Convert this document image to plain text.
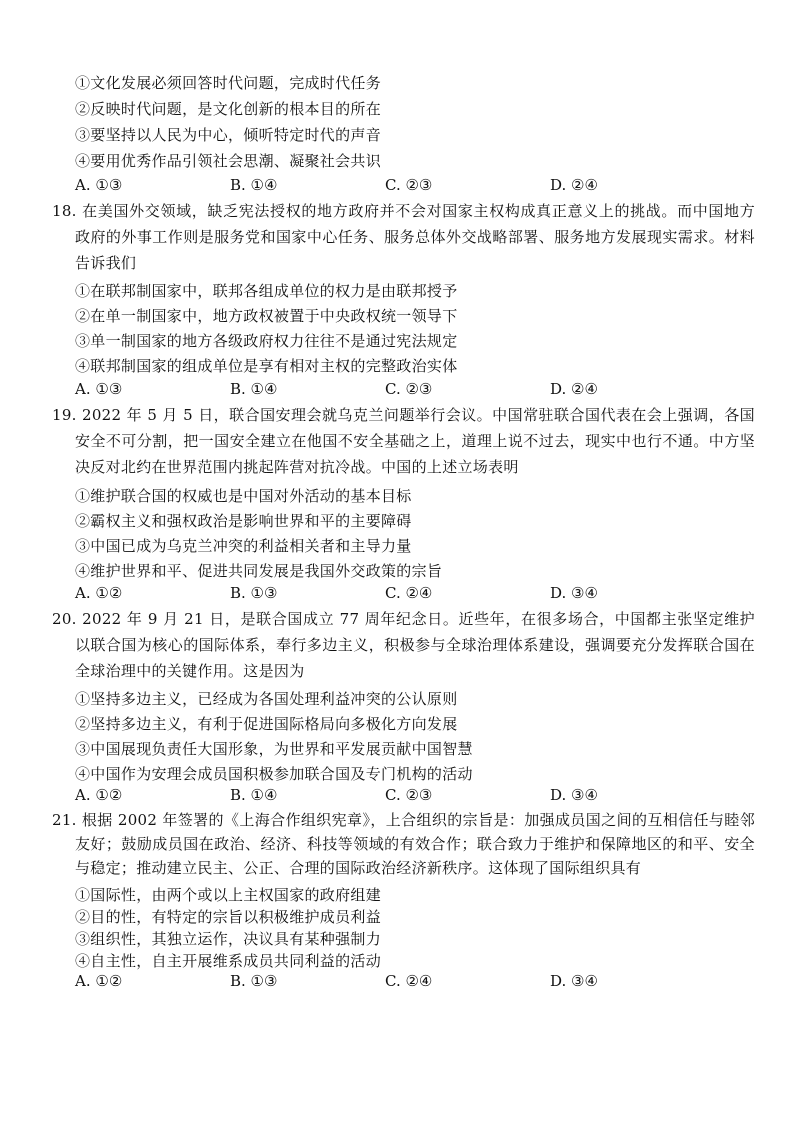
①文化发展必须回答时代问题，完成时代任务
②反映时代问题，是文化创新的根本目的所在
③要坚持以人民为中心，倾听特定时代的声音
④要用优秀作品引领社会思潮、凝聚社会共识
A. ①③	B. ①④	C. ②③	D. ②④
18. 在美国外交领域，缺乏宪法授权的地方政府并不会对国家主权构成真正意义上的挑战。而中国地方政府的外事工作则是服务党和国家中心任务、服务总体外交战略部署、服务地方发展现实需求。材料告诉我们
①在联邦制国家中，联邦各组成单位的权力是由联邦授予
②在单一制国家中，地方政权被置于中央政权统一领导下
③单一制国家的地方各级政府权力往往不是通过宪法规定
④联邦制国家的组成单位是享有相对主权的完整政治实体
A. ①③	B. ①④	C. ②③	D. ②④
19. 2022 年 5 月 5 日，联合国安理会就乌克兰问题举行会议。中国常驻联合国代表在会上强调，各国安全不可分割，把一国安全建立在他国不安全基础之上，道理上说不过去，现实中也行不通。中方坚决反对北约在世界范围内挑起阵营对抗冷战。中国的上述立场表明
①维护联合国的权威也是中国对外活动的基本目标
②霸权主义和强权政治是影响世界和平的主要障碍
③中国已成为乌克兰冲突的利益相关者和主导力量
④维护世界和平、促进共同发展是我国外交政策的宗旨
A. ①②	B. ①③	C. ②④	D. ③④
20. 2022 年 9 月 21 日，是联合国成立 77 周年纪念日。近些年，在很多场合，中国都主张坚定维护以联合国为核心的国际体系，奉行多边主义，积极参与全球治理体系建设，强调要充分发挥联合国在全球治理中的关键作用。这是因为
①坚持多边主义，已经成为各国处理利益冲突的公认原则
②坚持多边主义，有利于促进国际格局向多极化方向发展
③中国展现负责任大国形象，为世界和平发展贡献中国智慧
④中国作为安理会成员国积极参加联合国及专门机构的活动
A. ①②	B. ①④	C. ②③	D. ③④
21. 根据 2002 年签署的《上海合作组织宪章》，上合组织的宗旨是：加强成员国之间的互相信任与睦邻友好；鼓励成员国在政治、经济、科技等领域的有效合作；联合致力于维护和保障地区的和平、安全与稳定；推动建立民主、公正、合理的国际政治经济新秩序。这体现了国际组织具有
①国际性，由两个或以上主权国家的政府组建
②目的性，有特定的宗旨以积极维护成员利益
③组织性，其独立运作，决议具有某种强制力
④自主性，自主开展维系成员共同利益的活动
A. ①②	B. ①③	C. ②④	D. ③④
